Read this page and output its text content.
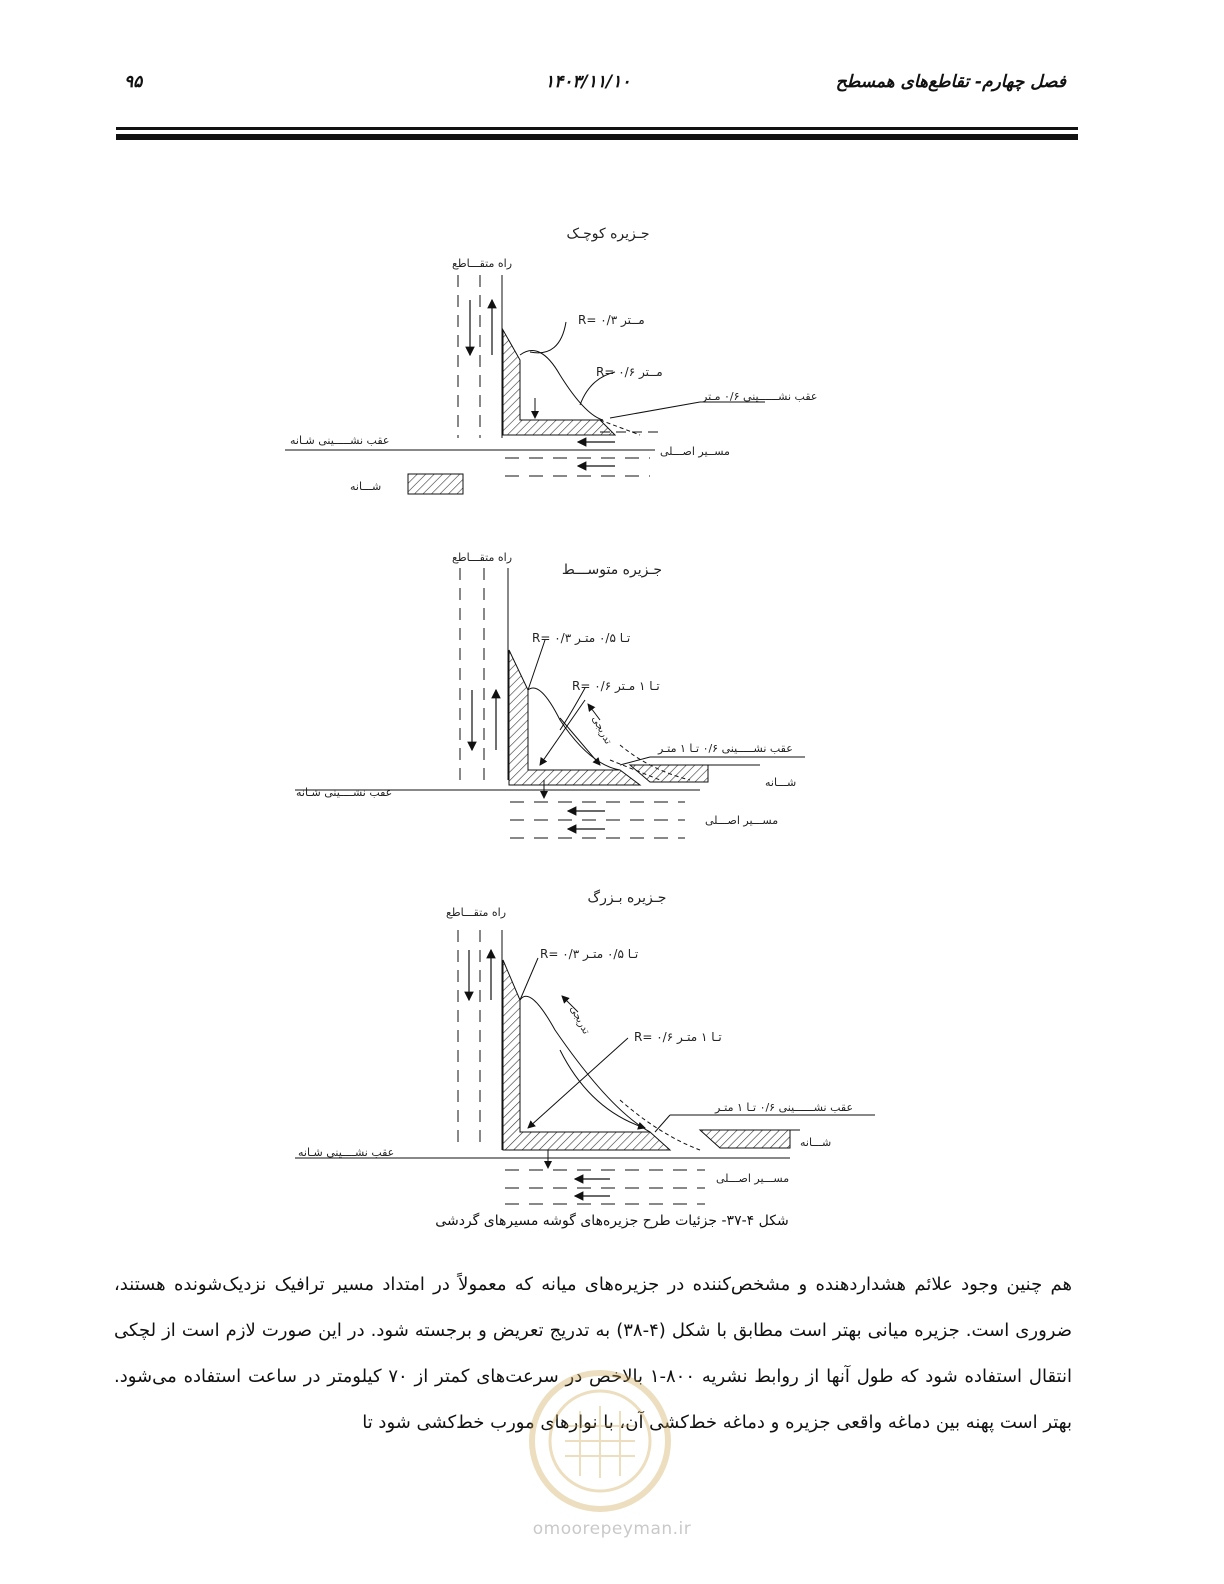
فصل چهارم- تقاطع‌های همسطح
۱۴۰۳/۱۱/۱۰
۹۵
جـزیره کوچـک
راه متقـــاطع
R= ۰/۳ مــتر
R= ۰/۶ مــتر
عقب نشــــــینی ۰/۶ مـتر
عقب نشـــــینی شـانه
مســیر اصـــلی
شـــانه
راه متقـــاطع
جـزیره متوســـط
تدریجی
R= ۰/۳ تـا ۰/۵ متـر
R= ۰/۶ تـا ۱ مـتر
عقب نشـــــینی ۰/۶ تـا ۱ متـر
شـــانه
عقب نشــــینی شـانه
مســـیر اصـــلی
جـزیره بـزرگ
راه متقـــاطع
تدریجی
R= ۰/۳ تـا ۰/۵ متـر
R= ۰/۶ تـا ۱ متـر
عقب نشــــــینی ۰/۶ تـا ۱ متـر
شـــانه
عقب نشــــینی شـانه
مســـیر اصـــلی
شکل ۴-۳۷- جزئیات طرح جزیره‌های گوشه مسیرهای گردشی
هم چنین وجود علائم هشداردهنده و مشخص‌کننده در جزیره‌های میانه که معمولاً در امتداد مسیر ترافیک نزدیک‌شونده هستند، ضروری است. جزیره میانی بهتر است مطابق با شکل (۴-۳۸) به تدریج تعریض و برجسته شود. در این صورت لازم است از لچکی انتقال استفاده شود که طول آنها از روابط نشریه ۸۰۰-۱ بالاخص در سرعت‌های کمتر از ۷۰ کیلومتر در ساعت استفاده می‌شود. بهتر است پهنه بین دماغه واقعی جزیره و دماغه خط‌کشی آن، با نوارهای مورب خط‌کشی شود تا
omoorepeyman.ir
